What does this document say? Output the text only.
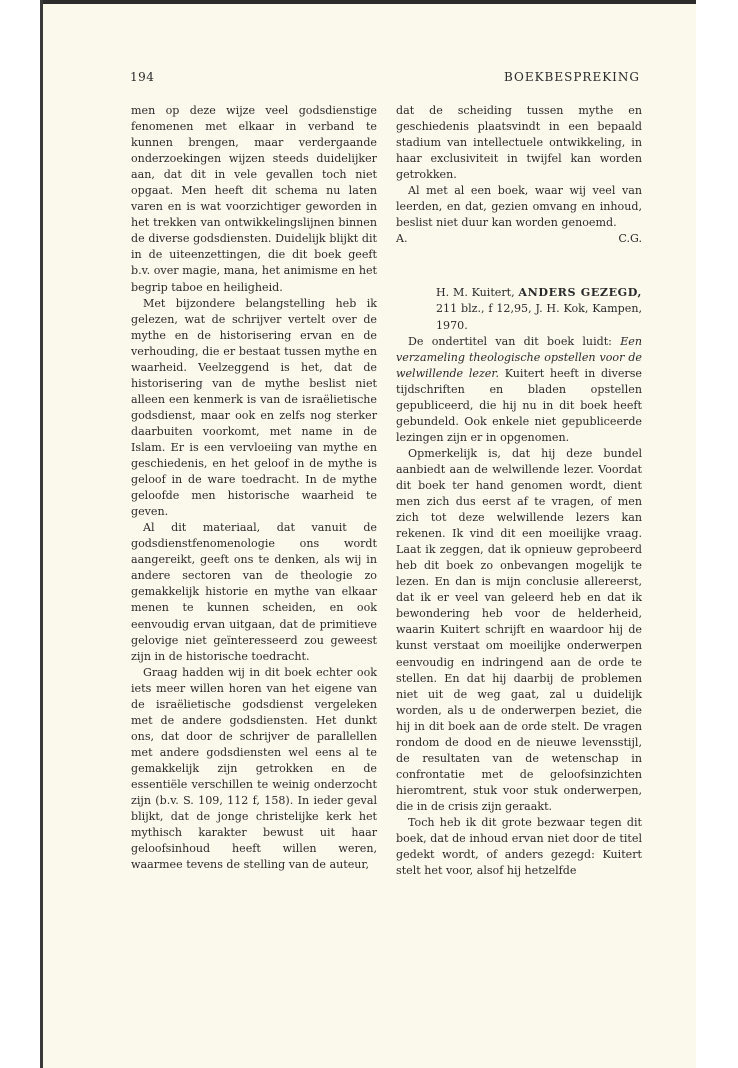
194	BOEKBESPREKING

men op deze wijze veel godsdienstige fenomenen met elkaar in verband te kunnen brengen, maar verdergaande onderzoekingen wijzen steeds duidelijker aan, dat dit in vele gevallen toch niet opgaat. Men heeft dit schema nu laten varen en is wat voorzichtiger geworden in het trekken van ontwikkelingslijnen binnen de diverse godsdiensten. Duidelijk blijkt dit in de uiteenzettingen, die dit boek geeft b.v. over magie, mana, het animisme en het begrip taboe en heiligheid.

Met bijzondere belangstelling heb ik gelezen, wat de schrijver vertelt over de mythe en de historisering ervan en de verhouding, die er bestaat tussen mythe en waarheid. Veelzeggend is het, dat de historisering van de mythe beslist niet alleen een kenmerk is van de israëlietische godsdienst, maar ook en zelfs nog sterker daarbuiten voorkomt, met name in de Islam. Er is een vervloeiing van mythe en geschiedenis, en het geloof in de mythe is geloof in de ware toedracht. In de mythe geloofde men historische waarheid te geven.

Al dit materiaal, dat vanuit de godsdienstfenomenologie ons wordt aangereikt, geeft ons te denken, als wij in andere sectoren van de theologie zo gemakkelijk historie en mythe van elkaar menen te kunnen scheiden, en ook eenvoudig ervan uitgaan, dat de primitieve gelovige niet geïnteresseerd zou geweest zijn in de historische toedracht.

Graag hadden wij in dit boek echter ook iets meer willen horen van het eigene van de israëlietische godsdienst vergeleken met de andere godsdiensten. Het dunkt ons, dat door de schrijver de parallellen met andere godsdiensten wel eens al te gemakkelijk zijn getrokken en de essentiële verschillen te weinig onderzocht zijn (b.v. S. 109, 112 f, 158). In ieder geval blijkt, dat de jonge christelijke kerk het mythisch karakter bewust uit haar geloofsinhoud heeft willen weren, waarmee tevens de stelling van de auteur,

dat de scheiding tussen mythe en geschiedenis plaatsvindt in een bepaald stadium van intellectuele ontwikkeling, in haar exclusiviteit in twijfel kan worden getrokken.

Al met al een boek, waar wij veel van leerden, en dat, gezien omvang en inhoud, beslist niet duur kan worden genoemd.

A.	C.G.

H. M. Kuitert, ANDERS GEZEGD, 211 blz., f 12,95, J. H. Kok, Kampen, 1970.

De ondertitel van dit boek luidt: Een verzameling theologische opstellen voor de welwillende lezer. Kuitert heeft in diverse tijdschriften en bladen opstellen gepubliceerd, die hij nu in dit boek heeft gebundeld. Ook enkele niet gepubliceerde lezingen zijn er in opgenomen.

Opmerkelijk is, dat hij deze bundel aanbiedt aan de welwillende lezer. Voordat dit boek ter hand genomen wordt, dient men zich dus eerst af te vragen, of men zich tot deze welwillende lezers kan rekenen. Ik vind dit een moeilijke vraag. Laat ik zeggen, dat ik opnieuw geprobeerd heb dit boek zo onbevangen mogelijk te lezen. En dan is mijn conclusie allereerst, dat ik er veel van geleerd heb en dat ik bewondering heb voor de helderheid, waarin Kuitert schrijft en waardoor hij de kunst verstaat om moeilijke onderwerpen eenvoudig en indringend aan de orde te stellen. En dat hij daarbij de problemen niet uit de weg gaat, zal u duidelijk worden, als u de onderwerpen beziet, die hij in dit boek aan de orde stelt. De vragen rondom de dood en de nieuwe levensstijl, de resultaten van de wetenschap in confrontatie met de geloofsinzichten hieromtrent, stuk voor stuk onderwerpen, die in de crisis zijn geraakt.

Toch heb ik dit grote bezwaar tegen dit boek, dat de inhoud ervan niet door de titel gedekt wordt, of anders gezegd: Kuitert stelt het voor, alsof hij hetzelfde
